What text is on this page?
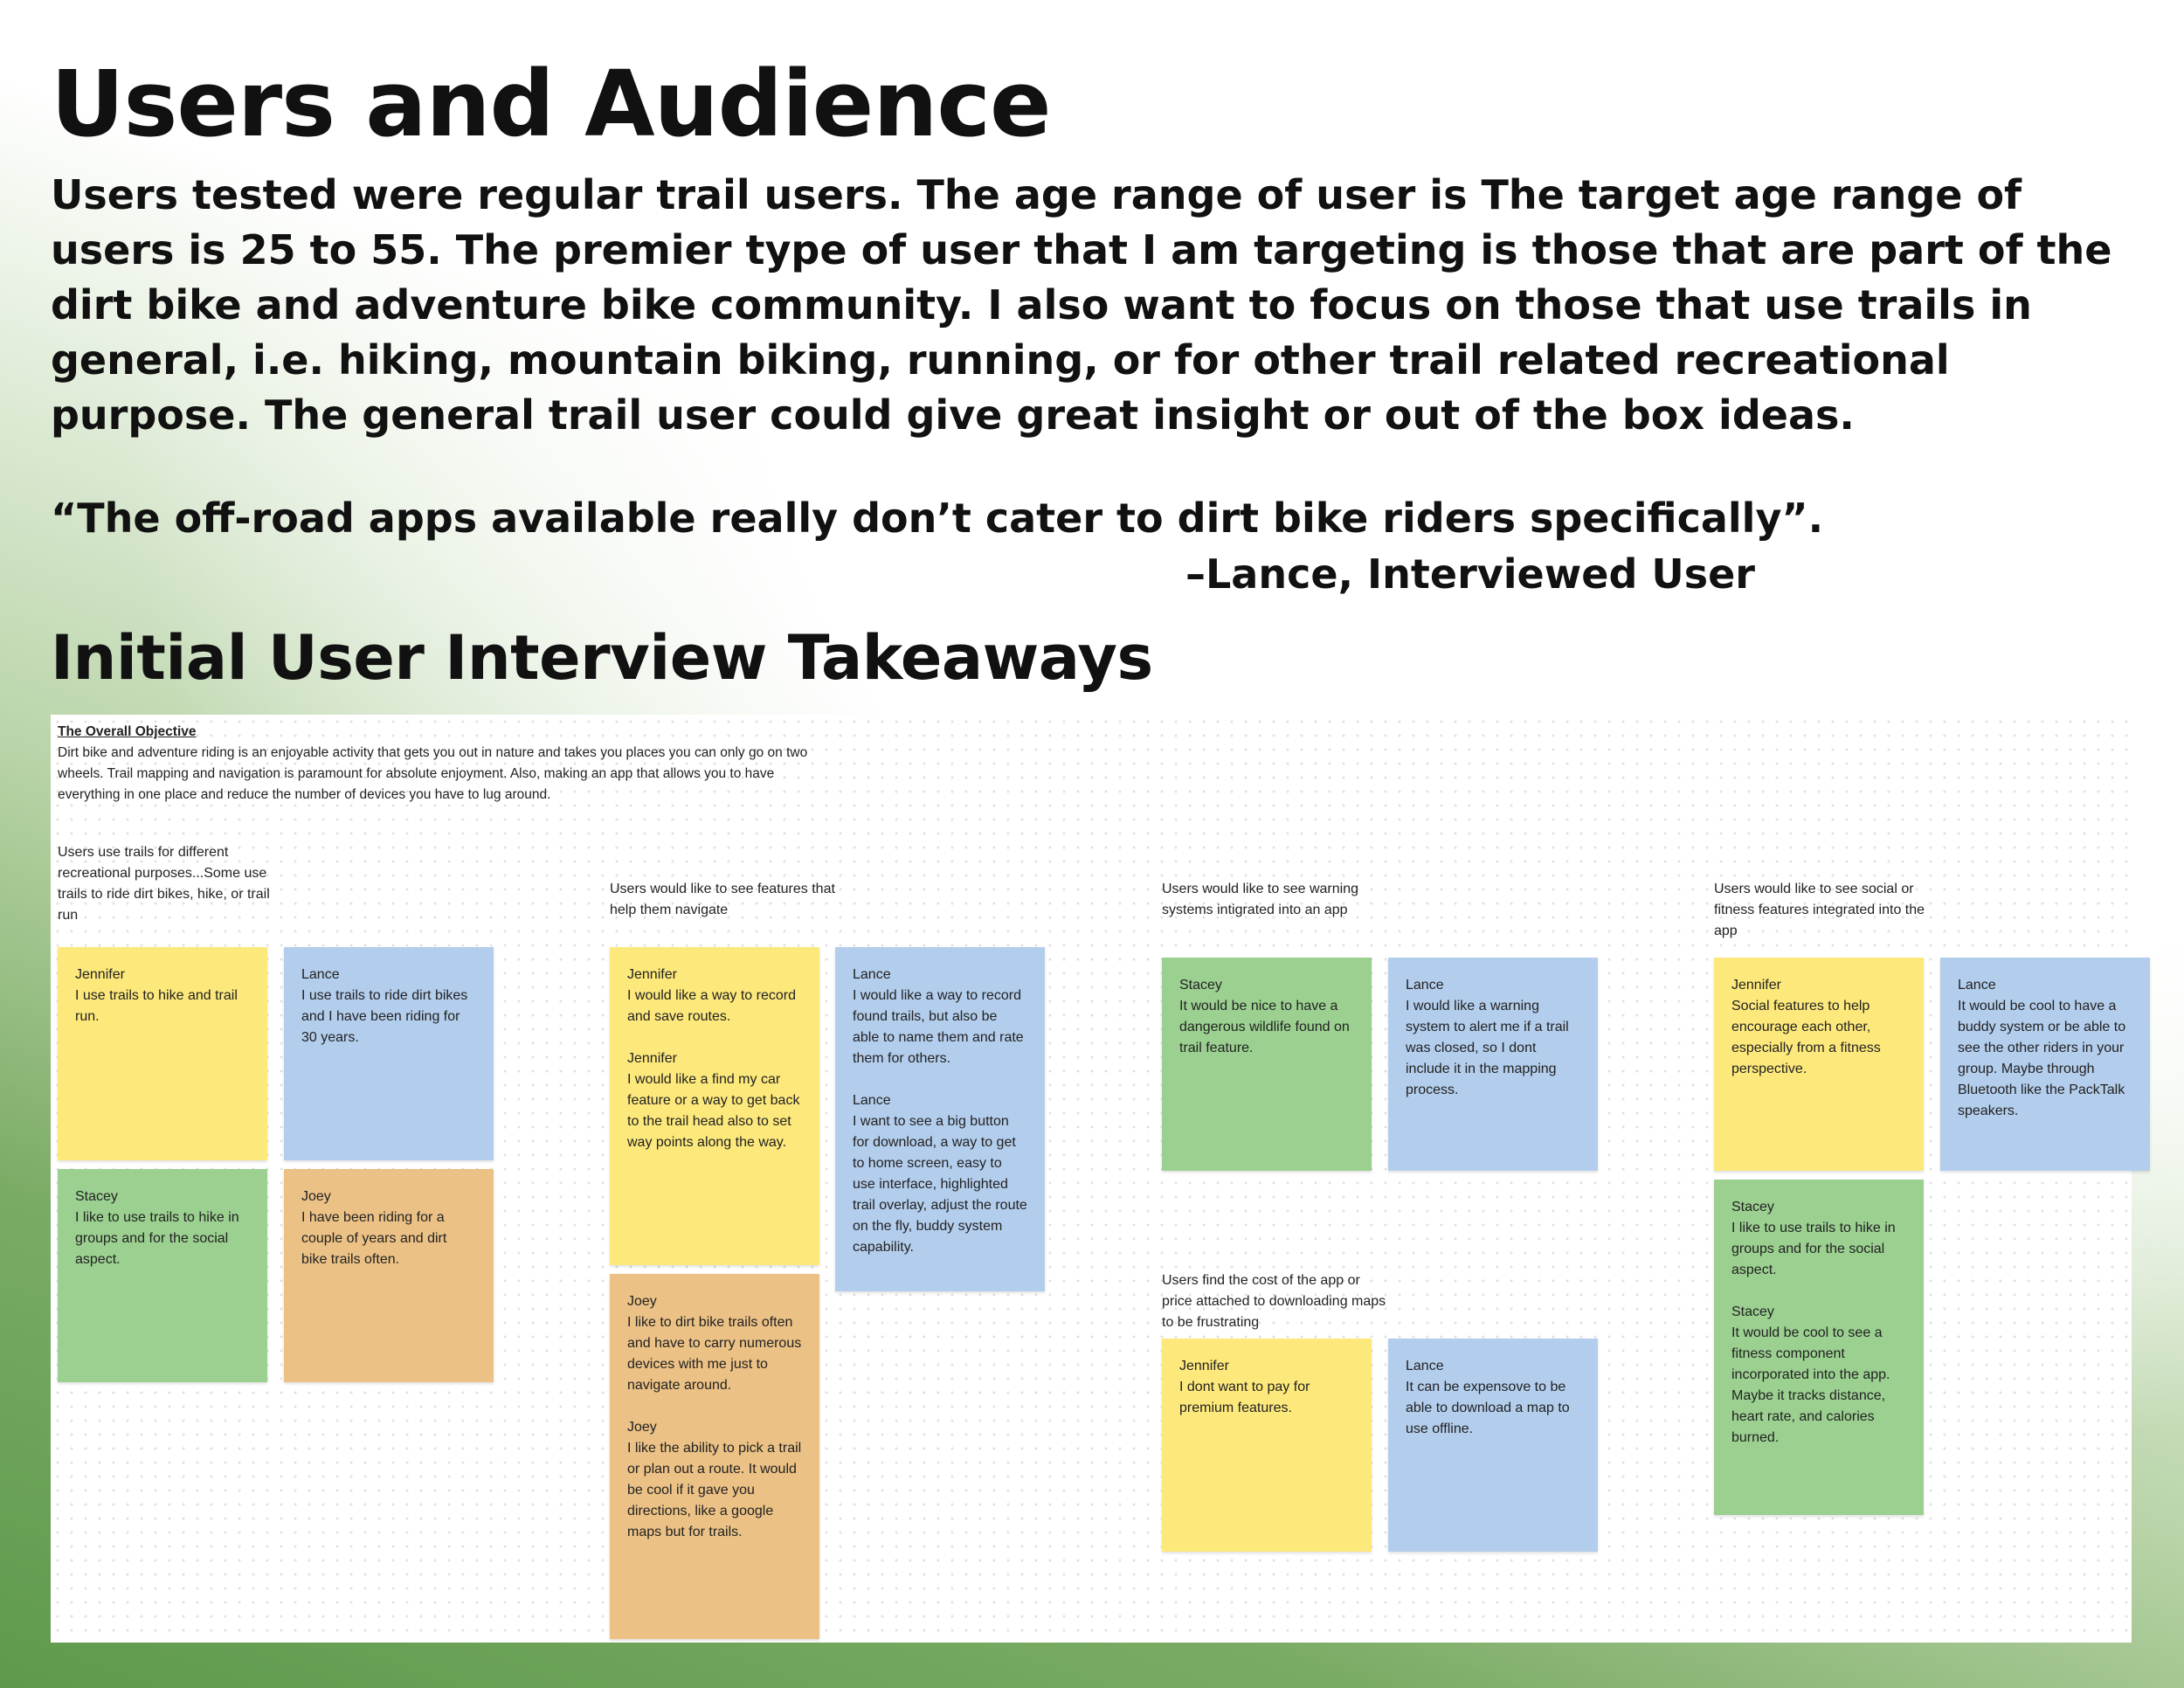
Users and Audience

Users tested were regular trail users. The age range of user is The target age range of users is 25 to 55. The premier type of user that I am targeting is those that are part of the dirt bike and adventure bike community. I also want to focus on those that use trails in general, i.e. hiking, mountain biking, running, or for other trail related recreational purpose. The general trail user could give great insight or out of the box ideas.

“The off-road apps available really don’t cater to dirt bike riders specifically”.

–Lance, Interviewed User

Initial User Interview Takeaways
The Overall Objective
Dirt bike and adventure riding is an enjoyable activity that gets you out in nature and takes you places you can only go on two wheels. Trail mapping and navigation is paramount for absolute enjoyment. Also, making an app that allows you to have everything in one place and reduce the number of devices you have to lug around.
Users use trails for different recreational purposes...Some use trails to ride dirt bikes, hike, or trail run
Users would like to see features that help them navigate
Users would like to see warning systems intigrated into an app
Users would like to see social or fitness features integrated into the app
Users find the cost of the app or price attached to downloading maps to be frustrating
Jennifer
I use trails to hike and trail run.
Lance
I use trails to ride dirt bikes and I have been riding for 30 years.
Stacey
I like to use trails to hike in groups and for the social aspect.
Joey
I have been riding for a couple of years and dirt bike trails often.
Jennifer
I would like a way to record and save routes.
Jennifer
I would like a find my car feature or a way to get back to the trail head also to set way points along the way.
Lance
I would like a way to record found trails, but also be able to name them and rate them for others.
Lance
I want to see a big button for download, a way to get to home screen, easy to use interface, highlighted trail overlay, adjust the route on the fly, buddy system capability.
Joey
I like to dirt bike trails often and have to carry numerous devices with me just to navigate around.
Joey
I like the ability to pick a trail or plan out a route. It would be cool if it gave you directions, like a google maps but for trails.
Stacey
It would be nice to have a dangerous wildlife found on trail feature.
Lance
I would like a warning system to alert me if a trail was closed, so I dont include it in the mapping process.
Jennifer
I dont want to pay for premium features.
Lance
It can be expensove to be able to download a map to use offline.
Jennifer
Social features to help encourage each other, especially from a fitness perspective.
Lance
It would be cool to have a buddy system or be able to see the other riders in your group. Maybe through Bluetooth like the PackTalk speakers.
Stacey
I like to use trails to hike in groups and for the social aspect.
Stacey
It would be cool to see a fitness component incorporated into the app. Maybe it tracks distance, heart rate, and calories burned.
